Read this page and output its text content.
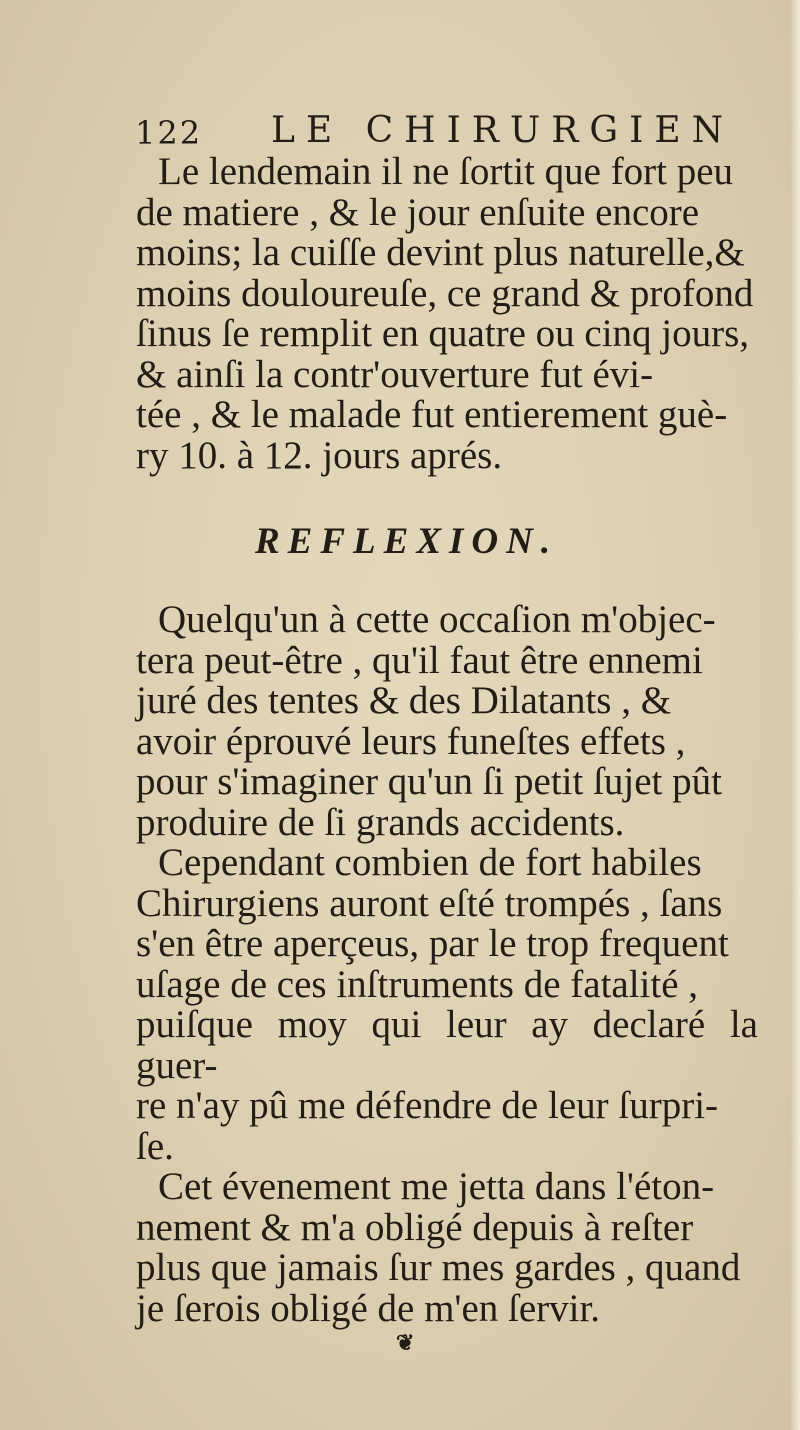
122 LE CHIRURGIEN

Le lendemain il ne ſortit que fort peu
de matiere , & le jour enſuite encore
moins; la cuiſſe devint plus naturelle,&
moins douloureuſe, ce grand & profond
ſinus ſe remplit en quatre ou cinq jours,
& ainſi la contr'ouverture fut évi-
tée , & le malade fut entierement guè-
ry 10. à 12. jours aprés.

REFLEXION.

Quelqu'un à cette occaſion m'objec-
tera peut-être , qu'il faut être ennemi
juré des tentes & des Dilatants , &
avoir éprouvé leurs funeſtes effets ,
pour s'imaginer qu'un ſi petit ſujet pût
produire de ſi grands accidents.

Cependant combien de fort habiles
Chirurgiens auront eſté trompés , ſans
s'en être aperçeus, par le trop frequent
uſage de ces inſtruments de fatalité ,
puiſque moy qui leur ay declaré la guer-
re n'ay pû me défendre de leur ſurpri-
ſe.

Cet évenement me jetta dans l'éton-
nement & m'a obligé depuis à reſter
plus que jamais ſur mes gardes , quand
je ſerois obligé de m'en ſervir.

❦
